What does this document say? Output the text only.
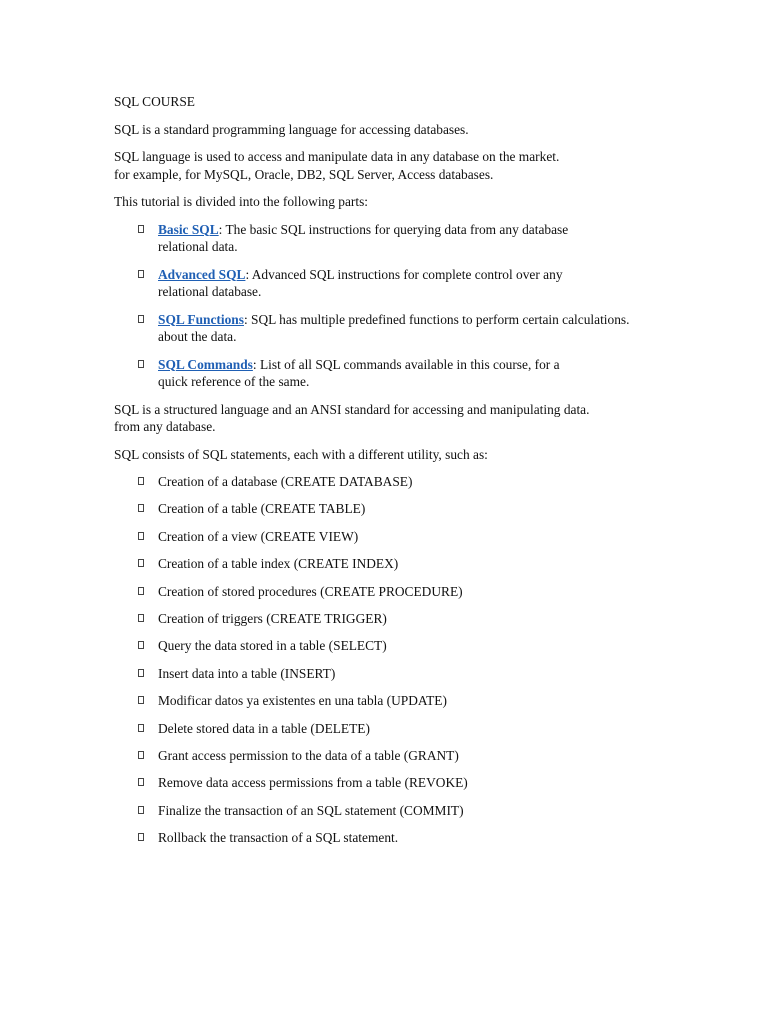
SQL COURSE

SQL is a standard programming language for accessing databases.

SQL language is used to access and manipulate data in any database on the market.
for example, for MySQL, Oracle, DB2, SQL Server, Access databases.

This tutorial is divided into the following parts:

Basic SQL: The basic SQL instructions for querying data from any database
relational data.
Advanced SQL: Advanced SQL instructions for complete control over any
relational database.
SQL Functions: SQL has multiple predefined functions to perform certain calculations.
about the data.
SQL Commands: List of all SQL commands available in this course, for a
quick reference of the same.

SQL is a structured language and an ANSI standard for accessing and manipulating data.
from any database.

SQL consists of SQL statements, each with a different utility, such as:

Creation of a database (CREATE DATABASE)
Creation of a table (CREATE TABLE)
Creation of a view (CREATE VIEW)
Creation of a table index (CREATE INDEX)
Creation of stored procedures (CREATE PROCEDURE)
Creation of triggers (CREATE TRIGGER)
Query the data stored in a table (SELECT)
Insert data into a table (INSERT)
Modificar datos ya existentes en una tabla (UPDATE)
Delete stored data in a table (DELETE)
Grant access permission to the data of a table (GRANT)
Remove data access permissions from a table (REVOKE)
Finalize the transaction of an SQL statement (COMMIT)
Rollback the transaction of a SQL statement.
